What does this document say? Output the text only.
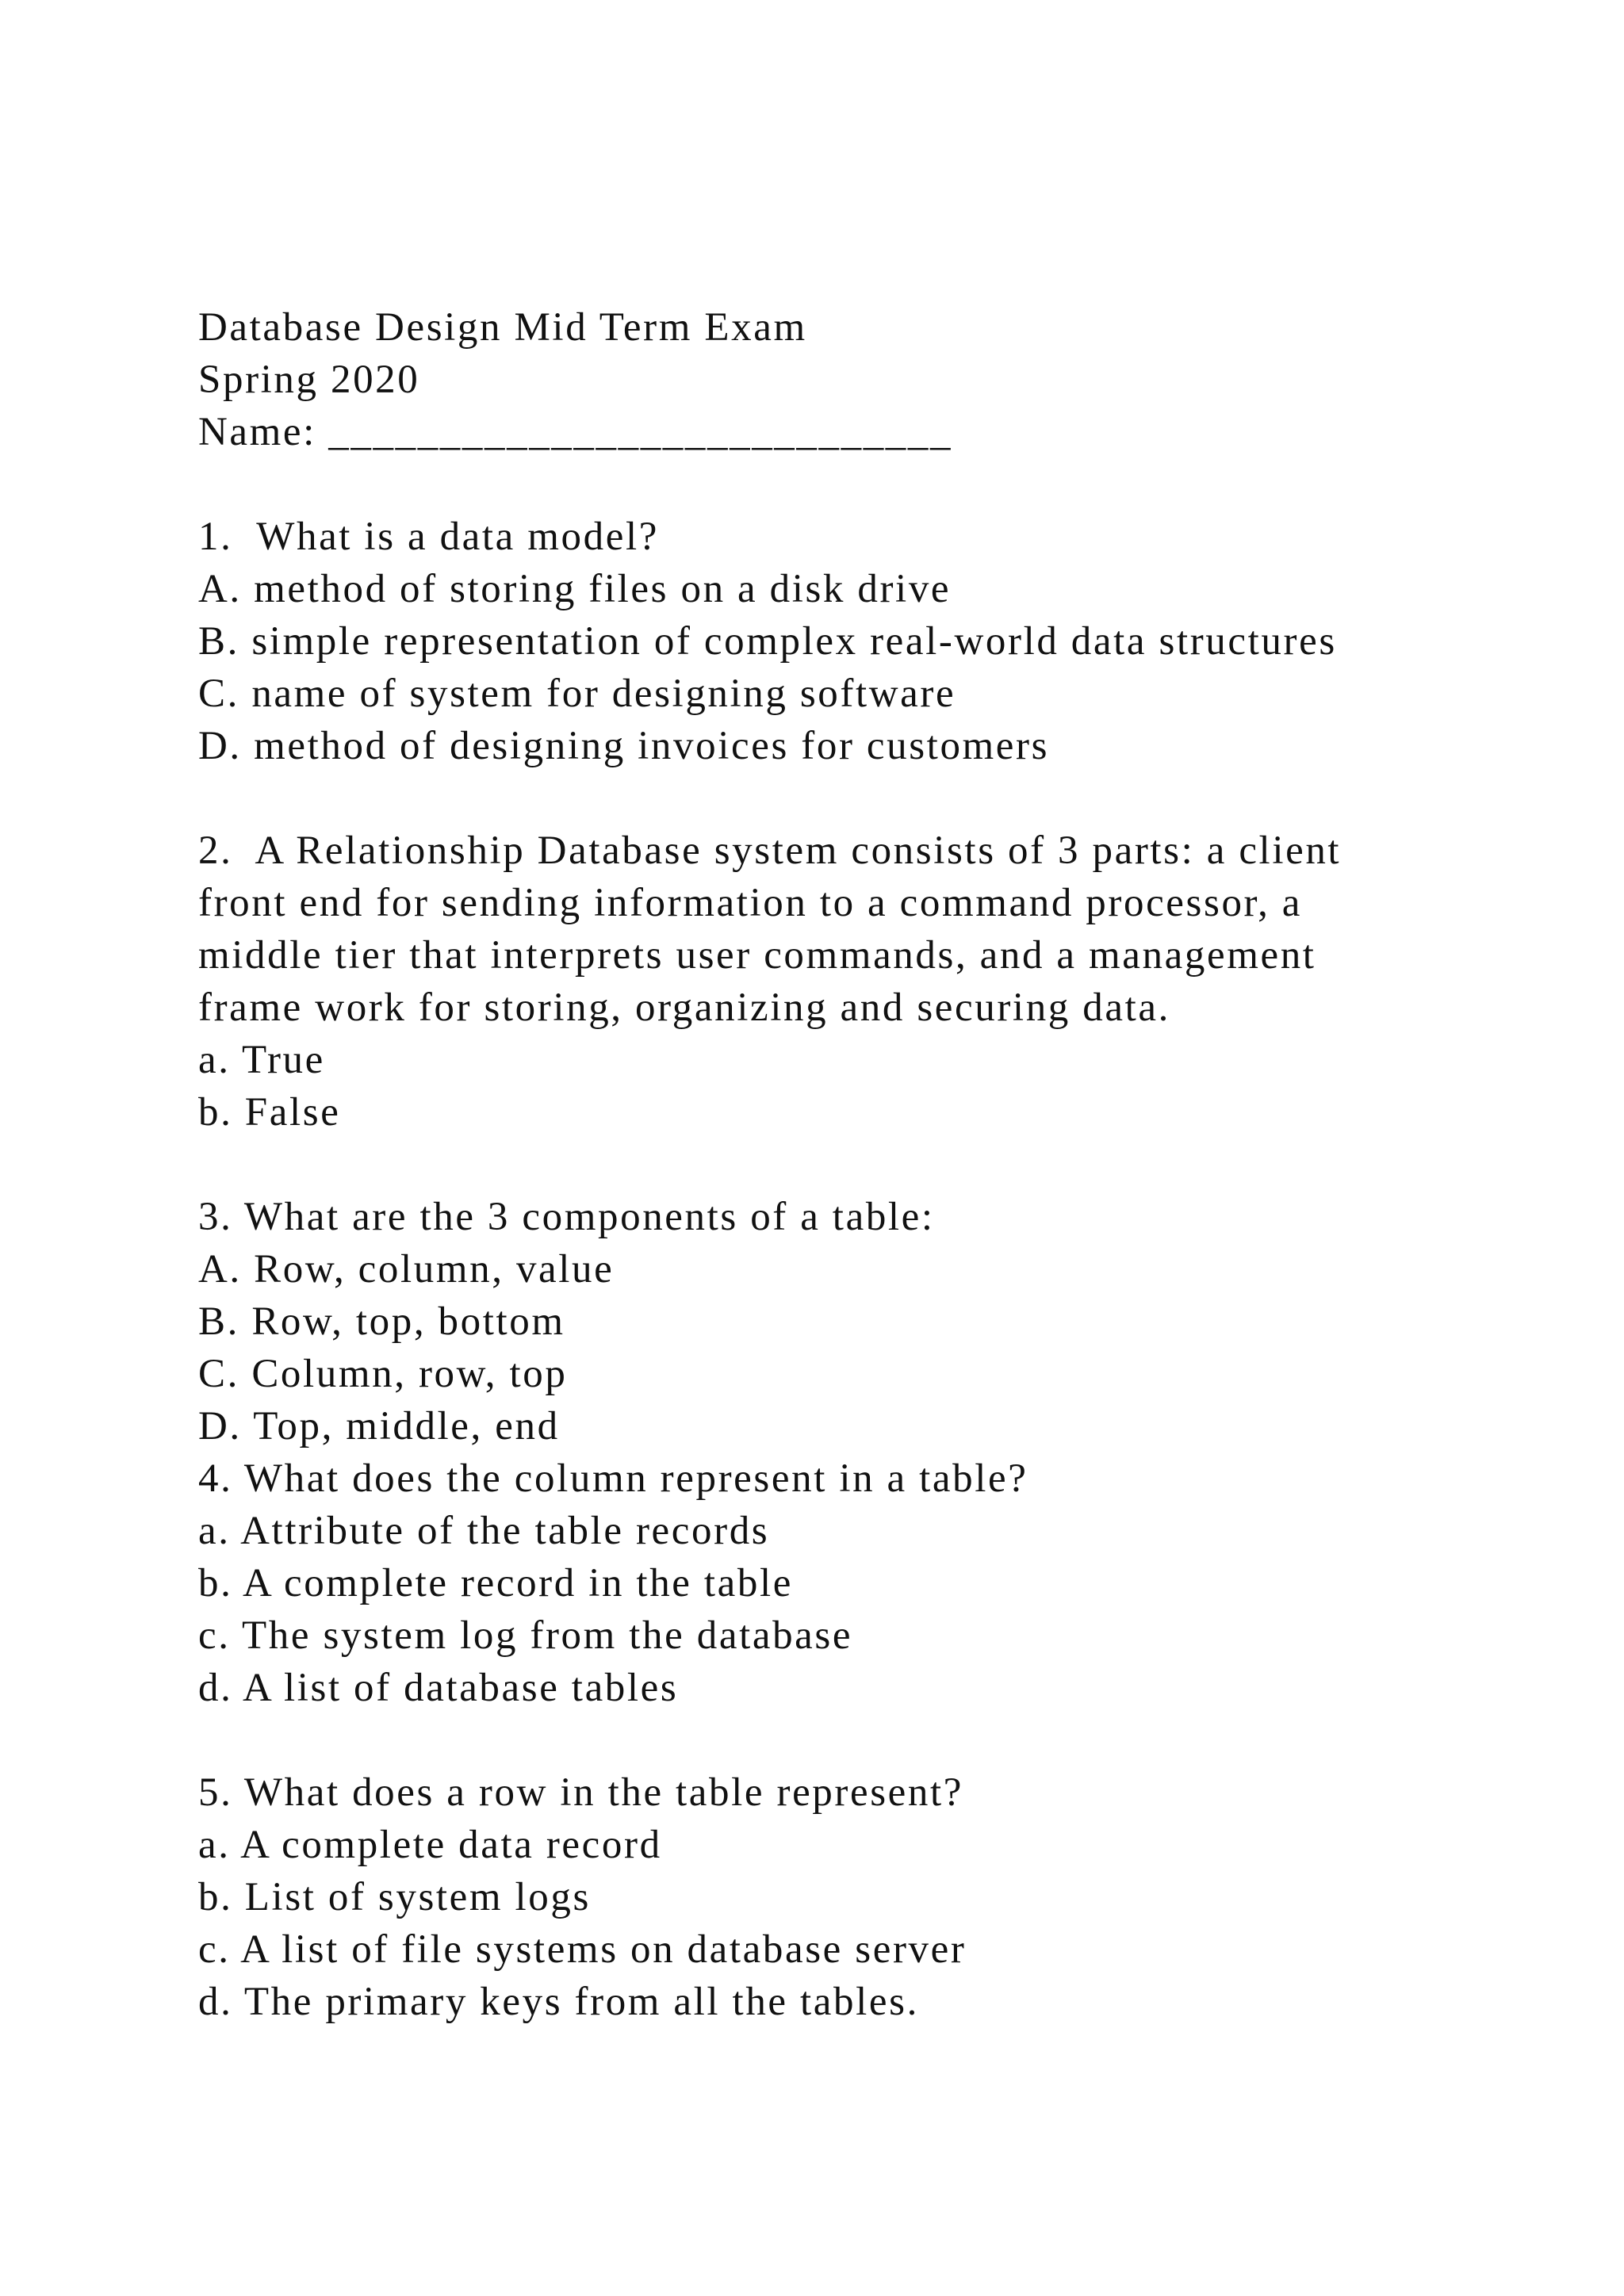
Database Design Mid Term Exam
Spring 2020
Name: ____________________________
1.  What is a data model?
A. method of storing files on a disk drive
B. simple representation of complex real-world data structures
C. name of system for designing software
D. method of designing invoices for customers
2.  A Relationship Database system consists of 3 parts: a client
front end for sending information to a command processor, a
middle tier that interprets user commands, and a management
frame work for storing, organizing and securing data.
a. True
b. False
3. What are the 3 components of a table:
A. Row, column, value
B. Row, top, bottom
C. Column, row, top
D. Top, middle, end
4. What does the column represent in a table?
a. Attribute of the table records
b. A complete record in the table
c. The system log from the database
d. A list of database tables
5. What does a row in the table represent?
a. A complete data record
b. List of system logs
c. A list of file systems on database server
d. The primary keys from all the tables.
